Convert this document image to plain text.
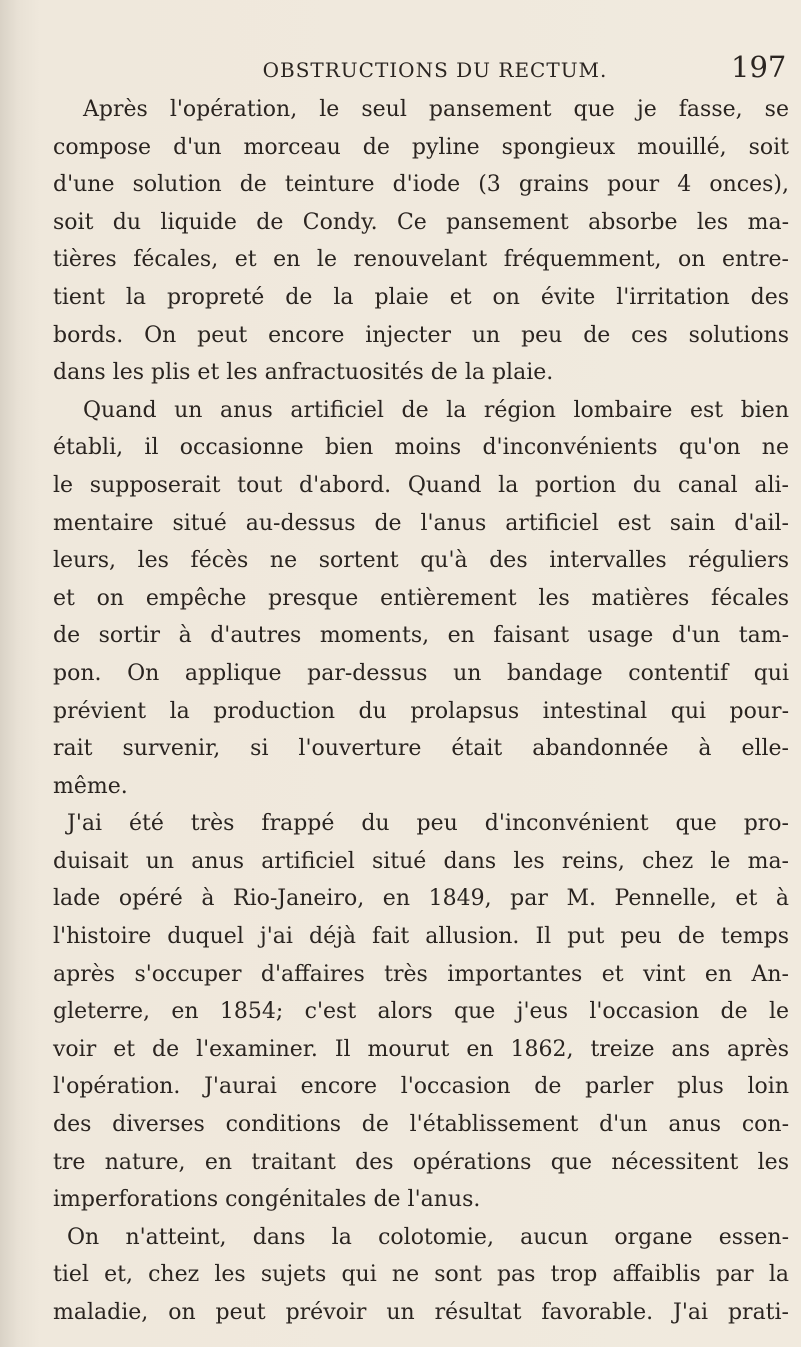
OBSTRUCTIONS DU RECTUM.	197
Après l'opération, le seul pansement que je fasse, se
compose d'un morceau de pyline spongieux mouillé, soit
d'une solution de teinture d'iode (3 grains pour 4 onces),
soit du liquide de Condy. Ce pansement absorbe les ma-
tières fécales, et en le renouvelant fréquemment, on entre-
tient la propreté de la plaie et on évite l'irritation des
bords. On peut encore injecter un peu de ces solutions
dans les plis et les anfractuosités de la plaie.
Quand un anus artificiel de la région lombaire est bien
établi, il occasionne bien moins d'inconvénients qu'on ne
le supposerait tout d'abord. Quand la portion du canal ali-
mentaire situé au-dessus de l'anus artificiel est sain d'ail-
leurs, les fécès ne sortent qu'à des intervalles réguliers
et on empêche presque entièrement les matières fécales
de sortir à d'autres moments, en faisant usage d'un tam-
pon. On applique par-dessus un bandage contentif qui
prévient la production du prolapsus intestinal qui pour-
rait survenir, si l'ouverture était abandonnée à elle-
même.
J'ai été très frappé du peu d'inconvénient que pro-
duisait un anus artificiel situé dans les reins, chez le ma-
lade opéré à Rio-Janeiro, en 1849, par M. Pennelle, et à
l'histoire duquel j'ai déjà fait allusion. Il put peu de temps
après s'occuper d'affaires très importantes et vint en An-
gleterre, en 1854; c'est alors que j'eus l'occasion de le
voir et de l'examiner. Il mourut en 1862, treize ans après
l'opération. J'aurai encore l'occasion de parler plus loin
des diverses conditions de l'établissement d'un anus con-
tre nature, en traitant des opérations que nécessitent les
imperforations congénitales de l'anus.
On n'atteint, dans la colotomie, aucun organe essen-
tiel et, chez les sujets qui ne sont pas trop affaiblis par la
maladie, on peut prévoir un résultat favorable. J'ai prati-
